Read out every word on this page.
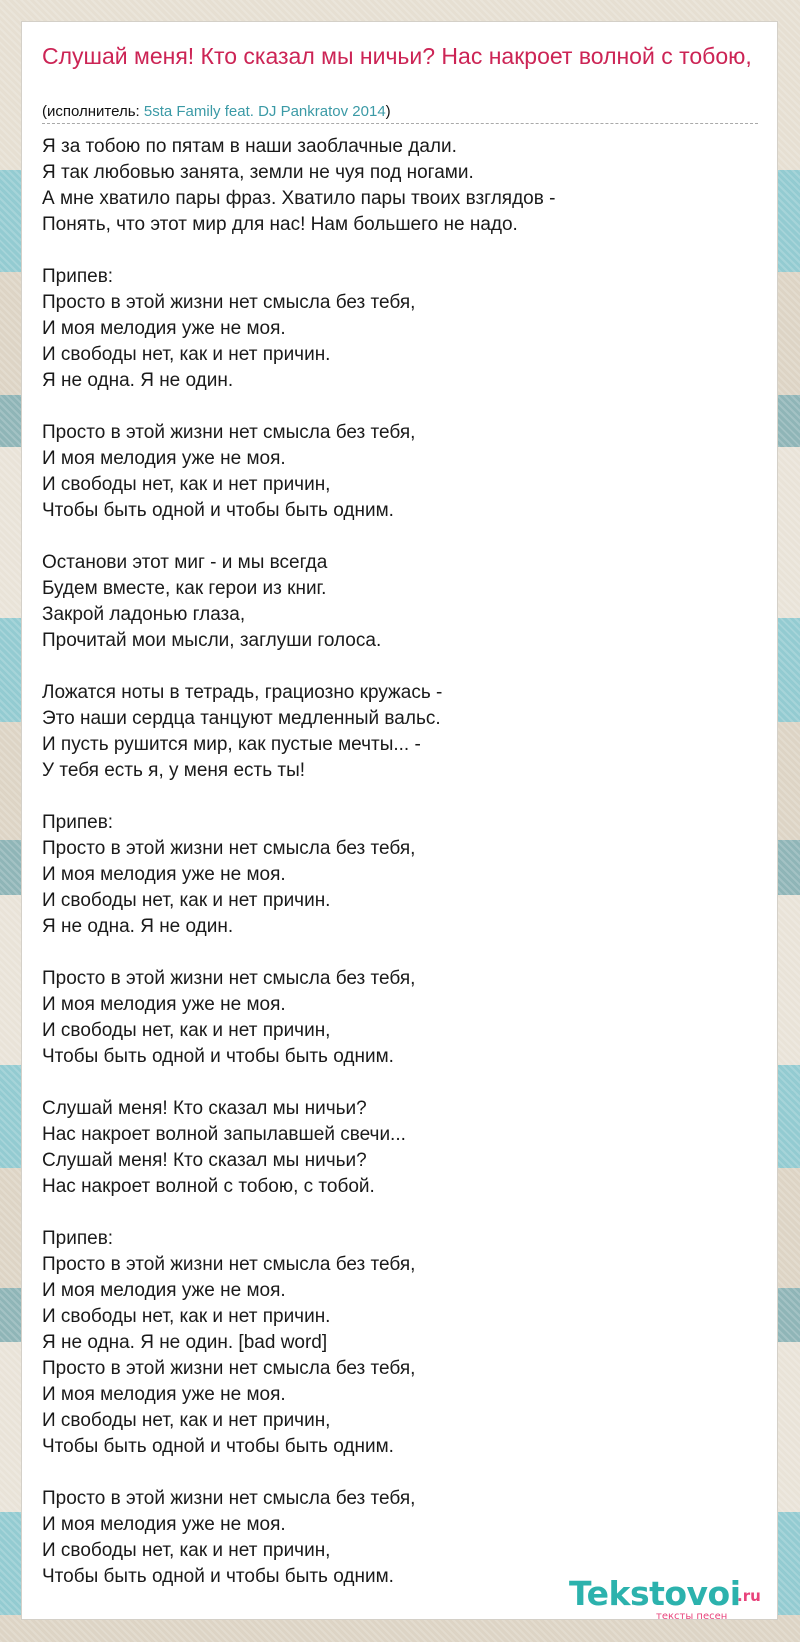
Слушай меня! Кто сказал мы ничьи? Нас накроет волной с тобою,
(исполнитель: 5sta Family feat. DJ Pankratov 2014)
Я за тобою по пятам в наши заоблачные дали.
Я так любовью занята, земли не чуя под ногами.
А мне хватило пары фраз. Хватило пары твоих взглядов -
Понять, что этот мир для нас! Нам большего не надо.

Припев:
Просто в этой жизни нет смысла без тебя,
И моя мелодия уже не моя.
И свободы нет, как и нет причин.
Я не одна. Я не один.

Просто в этой жизни нет смысла без тебя,
И моя мелодия уже не моя.
И свободы нет, как и нет причин,
Чтобы быть одной и чтобы быть одним.

Останови этот миг - и мы всегда
Будем вместе, как герои из книг.
Закрой ладонью глаза,
Прочитай мои мысли, заглуши голоса.

Ложатся ноты в тетрадь, грациозно кружась -
Это наши сердца танцуют медленный вальс.
И пусть рушится мир, как пустые мечты... -
У тебя есть я, у меня есть ты!

Припев:
Просто в этой жизни нет смысла без тебя,
И моя мелодия уже не моя.
И свободы нет, как и нет причин.
Я не одна. Я не один.

Просто в этой жизни нет смысла без тебя,
И моя мелодия уже не моя.
И свободы нет, как и нет причин,
Чтобы быть одной и чтобы быть одним.

Слушай меня! Кто сказал мы ничьи?
Нас накроет волной запылавшей свечи...
Слушай меня! Кто сказал мы ничьи?
Нас накроет волной с тобою, с тобой.

Припев:
Просто в этой жизни нет смысла без тебя,
И моя мелодия уже не моя.
И свободы нет, как и нет причин.
Я не одна. Я не один. [bad word]
Просто в этой жизни нет смысла без тебя,
И моя мелодия уже не моя.
И свободы нет, как и нет причин,
Чтобы быть одной и чтобы быть одним.

Просто в этой жизни нет смысла без тебя,
И моя мелодия уже не моя.
И свободы нет, как и нет причин,
Чтобы быть одной и чтобы быть одним.	Tekstovoi
.ru
тексты песен
